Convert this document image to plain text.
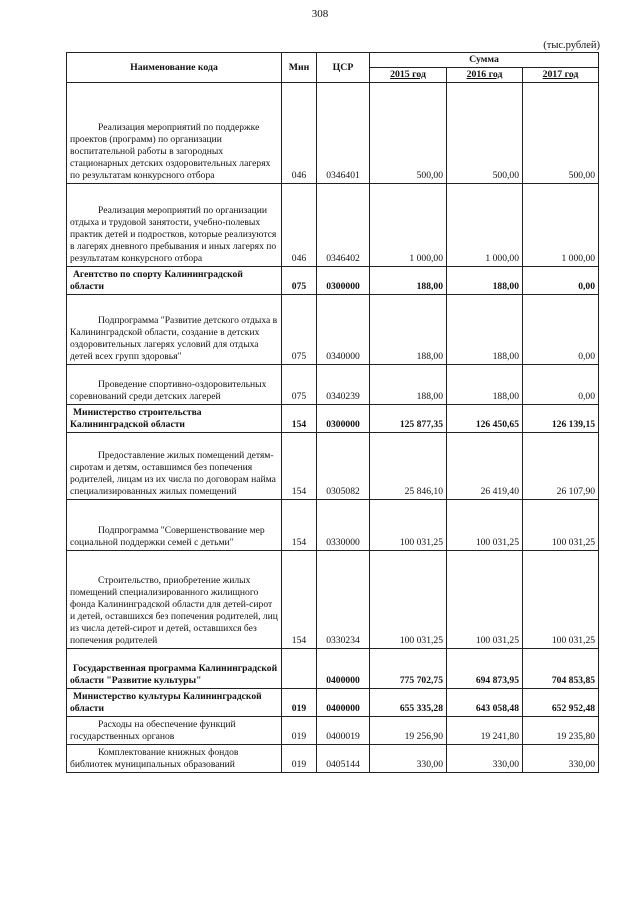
308
(тыс.рублей)
Наименование кода	Мин	ЦСР	Сумма		
			2015 год	2016 год	2017 год
Реализация мероприятий по поддержке проектов (программ) по организации воспитательной работы в загородных стационарных детских оздоровительных лагерях по результатам конкурсного отбора	046	0346401	500,00	500,00	500,00
Реализация мероприятий по организации отдыха и трудовой занятости, учебно-полевых практик детей и подростков, которые реализуются в лагерях дневного пребывания и иных лагерях по результатам конкурсного отбора	046	0346402	1 000,00	1 000,00	1 000,00
Агентство по спорту Калининградской области	075	0300000	188,00	188,00	0,00
Подпрограмма "Развитие детского отдыха в Калининградской области, создание в детских оздоровительных лагерях условий для отдыха детей всех групп здоровья"	075	0340000	188,00	188,00	0,00
Проведение спортивно-оздоровительных соревнований среди детских лагерей	075	0340239	188,00	188,00	0,00
Министерство строительства Калининградской области	154	0300000	125 877,35	126 450,65	126 139,15
Предоставление жилых помещений детям-сиротам и детям, оставшимся без попечения родителей, лицам из их числа по договорам найма специализированных жилых помещений	154	0305082	25 846,10	26 419,40	26 107,90
Подпрограмма "Совершенствование мер социальной поддержки семей с детьми"	154	0330000	100 031,25	100 031,25	100 031,25
Строительство, приобретение жилых помещений специализированного жилищного фонда Калининградской области для детей-сирот и детей, оставшихся без попечения родителей, лиц из числа детей-сирот и детей, оставшихся без попечения родителей	154	0330234	100 031,25	100 031,25	100 031,25
Государственная программа Калининградской области "Развитие культуры"		0400000	775 702,75	694 873,95	704 853,85
Министерство культуры Калининградской области	019	0400000	655 335,28	643 058,48	652 952,48
Расходы на обеспечение функций государственных органов	019	0400019	19 256,90	19 241,80	19 235,80
Комплектование книжных фондов библиотек муниципальных образований	019	0405144	330,00	330,00	330,00
